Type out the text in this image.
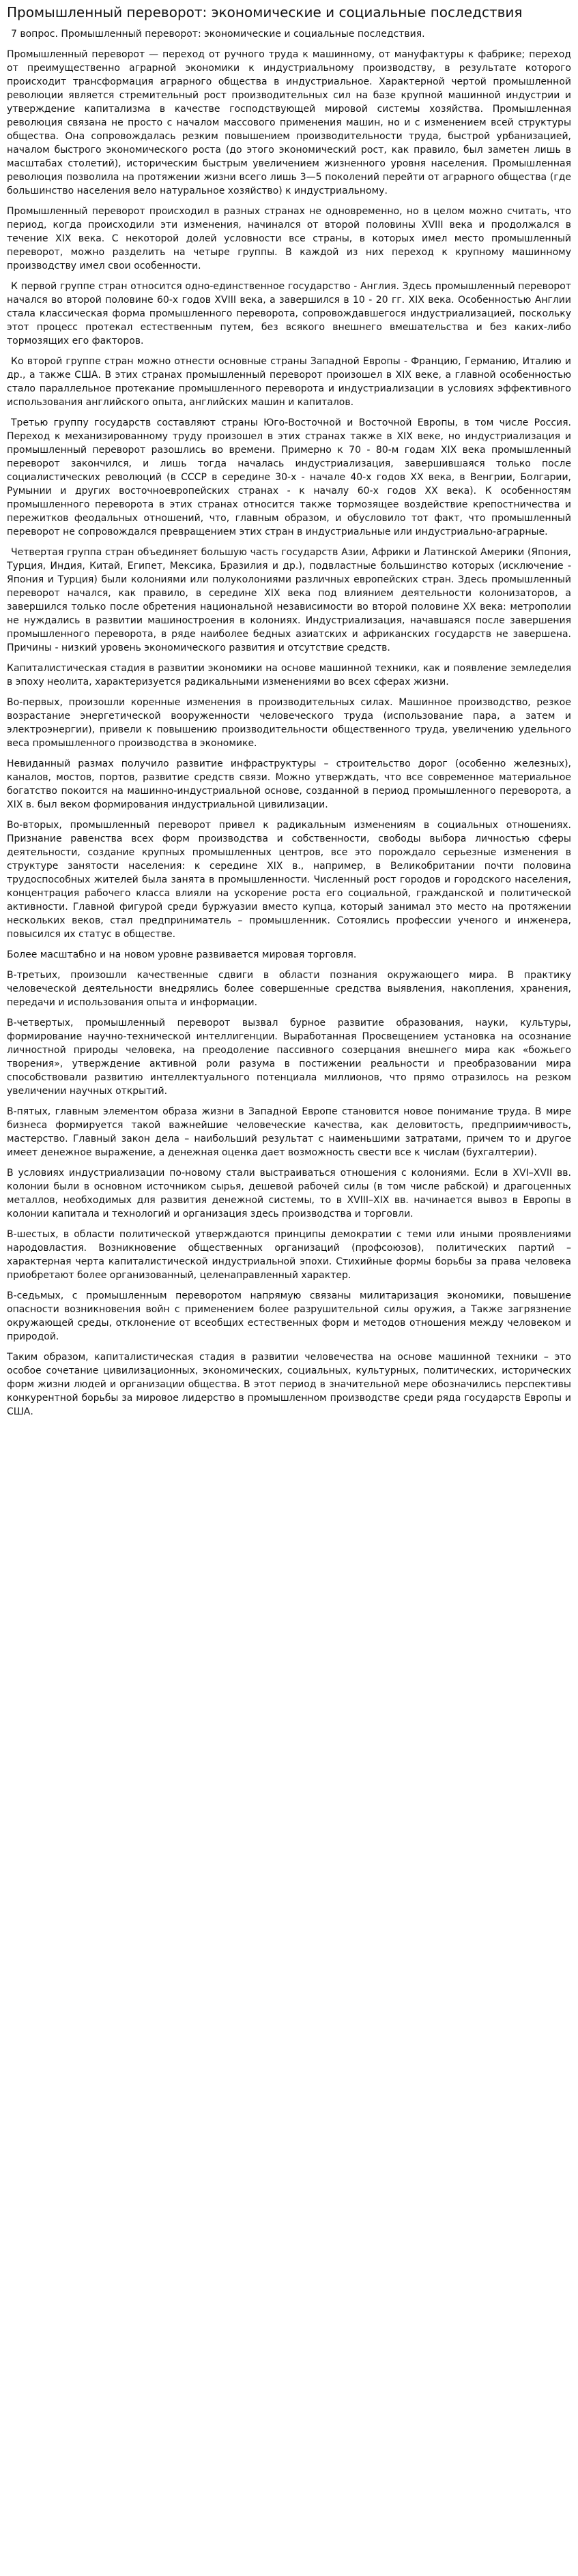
Промышленный переворот: экономические и социальные последствия

7 вопрос. Промышленный переворот: экономические и социальные последствия.

Промышленный переворот — переход от ручного труда к машинному, от мануфактуры к фабрике; переход от преимущественно аграрной экономики к индустриальному производству, в результате которого происходит трансформация аграрного общества в индустриальное. Характерной чертой промышленной революции является стремительный рост производительных сил на базе крупной машинной индустрии и утверждение капитализма в качестве господствующей мировой системы хозяйства. Промышленная революция связана не просто с началом массового применения машин, но и с изменением всей структуры общества. Она сопровождалась резким повышением производительности труда, быстрой урбанизацией, началом быстрого экономического роста (до этого экономический рост, как правило, был заметен лишь в масштабах столетий), историческим быстрым увеличением жизненного уровня населения. Промышленная революция позволила на протяжении жизни всего лишь 3—5 поколений перейти от аграрного общества (где большинство населения вело натуральное хозяйство) к индустриальному.

Промышленный переворот происходил в разных странах не одновременно, но в целом можно считать, что период, когда происходили эти изменения, начинался от второй половины XVIII века и продолжался в течение XIX века. С некоторой долей условности все страны, в которых имел место промышленный переворот, можно разделить на четыре группы. В каждой из них переход к крупному машинному производству имел свои особенности.

К первой группе стран относится одно-единственное государство - Англия. Здесь промышленный переворот начался во второй половине 60-х годов XVIII века, а завершился в 10 - 20 гг. XIX века. Особенностью Англии стала классическая форма промышленного переворота, сопровождавшегося индустриализацией, поскольку этот процесс протекал естественным путем, без всякого внешнего вмешательства и без каких-либо тормозящих его факторов.

Ко второй группе стран можно отнести основные страны Западной Европы - Францию, Германию, Италию и др., а также США. В этих странах промышленный переворот произошел в XIX веке, а главной особенностью стало параллельное протекание промышленного переворота и индустриализации в условиях эффективного использования английского опыта, английских машин и капиталов.

Третью группу государств составляют страны Юго-Восточной и Восточной Европы, в том числе Россия. Переход к механизированному труду произошел в этих странах также в XIX веке, но индустриализация и промышленный переворот разошлись во времени. Примерно к 70 - 80-м годам XIX века промышленный переворот закончился, и лишь тогда началась индустриализация, завершившаяся только после социалистических революций (в СССР в середине 30-х - начале 40-х годов XX века, в Венгрии, Болгарии, Румынии и других восточноевропейских странах - к началу 60-х годов XX века). К особенностям промышленного переворота в этих странах относится также тормозящее воздействие крепостничества и пережитков феодальных отношений, что, главным образом, и обусловило тот факт, что промышленный переворот не сопровождался превращением этих стран в индустриальные или индустриально-аграрные.

Четвертая группа стран объединяет большую часть государств Азии, Африки и Латинской Америки (Япония, Турция, Индия, Китай, Египет, Мексика, Бразилия и др.), подвластные большинство которых (исключение - Япония и Турция) были колониями или полуколониями различных европейских стран. Здесь промышленный переворот начался, как правило, в середине XIX века под влиянием деятельности колонизаторов, а завершился только после обретения национальной независимости во второй половине XX века: метрополии не нуждались в развитии машиностроения в колониях. Индустриализация, начавшаяся после завершения промышленного переворота, в ряде наиболее бедных азиатских и африканских государств не завершена. Причины - низкий уровень экономического развития и отсутствие средств.

Капиталистическая стадия в развитии экономики на основе машинной техники, как и появление земледелия в эпоху неолита, характеризуется радикальными изменениями во всех сферах жизни.

Во-первых, произошли коренные изменения в производительных силах. Машинное производство, резкое возрастание энергетической вооруженности человеческого труда (использование пара, а затем и электроэнергии), привели к повышению производительности общественного труда, увеличению удельного веса промышленного производства в экономике.

Невиданный размах получило развитие инфраструктуры – строительство дорог (особенно железных), каналов, мостов, портов, развитие средств связи. Можно утверждать, что все современное материальное богатство покоится на машинно-индустриальной основе, созданной в период промышленного переворота, а XIX в. был веком формирования индустриальной цивилизации.

Во-вторых, промышленный переворот привел к радикальным изменениям в социальных отношениях. Признание равенства всех форм производства и собственности, свободы выбора личностью сферы деятельности, создание крупных промышленных центров, все это порождало серьезные изменения в структуре занятости населения: к середине XIX в., например, в Великобритании почти половина трудоспособных жителей была занята в промышленности. Численный рост городов и городского населения, концентрация рабочего класса влияли на ускорение роста его социальной, гражданской и политической активности. Главной фигурой среди буржуазии вместо купца, который занимал это место на протяжении нескольких веков, стал предприниматель – промышленник. Сотоялись профессии ученого и инженера, повысился их статус в обществе.

Более масштабно и на новом уровне развивается мировая торговля.

В-третьих, произошли качественные сдвиги в области познания окружающего мира. В практику человеческой деятельности внедрялись более совершенные средства выявления, накопления, хранения, передачи и использования опыта и информации.

В-четвертых, промышленный переворот вызвал бурное развитие образования, науки, культуры, формирование научно-технической интеллигенции. Выработанная Просвещением установка на осознание личностной природы человека, на преодоление пассивного созерцания внешнего мира как «божьего творения», утверждение активной роли разума в постижении реальности и преобразовании мира способствовали развитию интеллектуального потенциала миллионов, что прямо отразилось на резком увеличении научных открытий.

В-пятых, главным элементом образа жизни в Западной Европе становится новое понимание труда. В мире бизнеса формируется такой важнейшие человеческие качества, как деловитость, предприимчивость, мастерство. Главный закон дела – наибольший результат с наименьшими затратами, причем то и другое имеет денежное выражение, а денежная оценка дает возможность свести все к числам (бухгалтерии).

В условиях индустриализации по-новому стали выстраиваться отношения с колониями. Если в XVI–XVII вв. колонии были в основном источником сырья, дешевой рабочей силы (в том числе рабской) и драгоценных металлов, необходимых для развития денежной системы, то в XVIII–XIX вв. начинается вывоз в Европы в колонии капитала и технологий и организация здесь производства и торговли.

В-шестых, в области политической утверждаются принципы демократии с теми или иными проявлениями народовластия. Возникновение общественных организаций (профсоюзов), политических партий – характерная черта капиталистической индустриальной эпохи. Стихийные формы борьбы за права человека приобретают более организованный, целенаправленный характер.

В-седьмых, с промышленным переворотом напрямую связаны милитаризация экономики, повышение опасности возникновения войн с применением более разрушительной силы оружия, а Также загрязнение окружающей среды, отклонение от всеобщих естественных форм и методов отношения между человеком и природой.

Таким образом, капиталистическая стадия в развитии человечества на основе машинной техники – это особое сочетание цивилизационных, экономических, социальных, культурных, политических, исторических форм жизни людей и организации общества. В этот период в значительной мере обозначились перспективы конкурентной борьбы за мировое лидерство в промышленном производстве среди ряда государств Европы и США.
